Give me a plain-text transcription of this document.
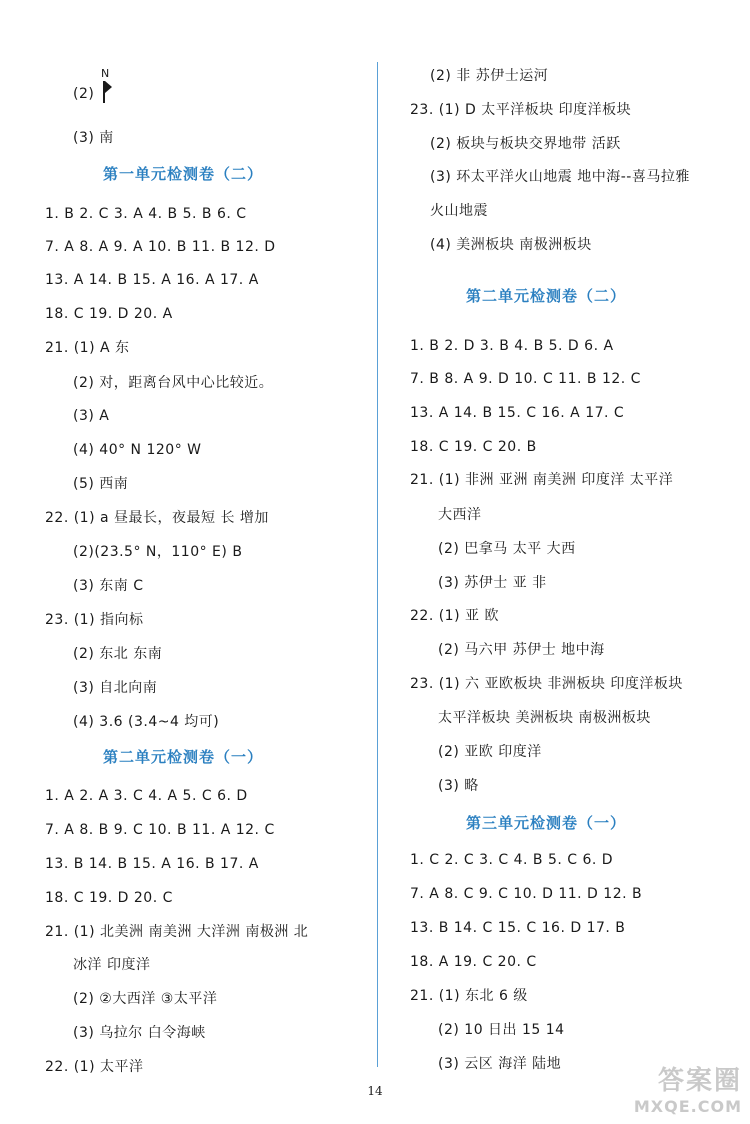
(2)
(3) 南
第一单元检测卷（二）
1. B 2. C 3. A 4. B 5. B 6. C
7. A 8. A 9. A 10. B 11. B 12. D
13. A 14. B 15. A 16. A 17. A
18. C 19. D 20. A
21. (1) A 东
(2) 对，距离台风中心比较近。
(3) A
(4) 40° N 120° W
(5) 西南
22. (1) a 昼最长，夜最短 长 增加
(2)(23.5° N，110° E) B
(3) 东南 C
23. (1) 指向标
(2) 东北 东南
(3) 自北向南
(4) 3.6 (3.4~4 均可)
第二单元检测卷（一）
1. A 2. A 3. C 4. A 5. C 6. D
7. A 8. B 9. C 10. B 11. A 12. C
13. B 14. B 15. A 16. B 17. A
18. C 19. D 20. C
21. (1) 北美洲 南美洲 大洋洲 南极洲 北
冰洋 印度洋
(2) ②大西洋 ③太平洋
(3) 乌拉尔 白令海峡
22. (1) 太平洋
(2) 非 苏伊士运河
23. (1) D 太平洋板块 印度洋板块
(2) 板块与板块交界地带 活跃
(3) 环太平洋火山地震 地中海--喜马拉雅
火山地震
(4) 美洲板块 南极洲板块
第二单元检测卷（二）
1. B 2. D 3. B 4. B 5. D 6. A
7. B 8. A 9. D 10. C 11. B 12. C
13. A 14. B 15. C 16. A 17. C
18. C 19. C 20. B
21. (1) 非洲 亚洲 南美洲 印度洋 太平洋
大西洋
(2) 巴拿马 太平 大西
(3) 苏伊士 亚 非
22. (1) 亚 欧
(2) 马六甲 苏伊士 地中海
23. (1) 六 亚欧板块 非洲板块 印度洋板块
太平洋板块 美洲板块 南极洲板块
(2) 亚欧 印度洋
(3) 略
第三单元检测卷（一）
1. C 2. C 3. C 4. B 5. C 6. D
7. A 8. C 9. C 10. D 11. D 12. B
13. B 14. C 15. C 16. D 17. B
18. A 19. C 20. C
21. (1) 东北 6 级
(2) 10 日出 15 14
(3) 云区 海洋 陆地
N
14	答案圈
MXQE.COM
